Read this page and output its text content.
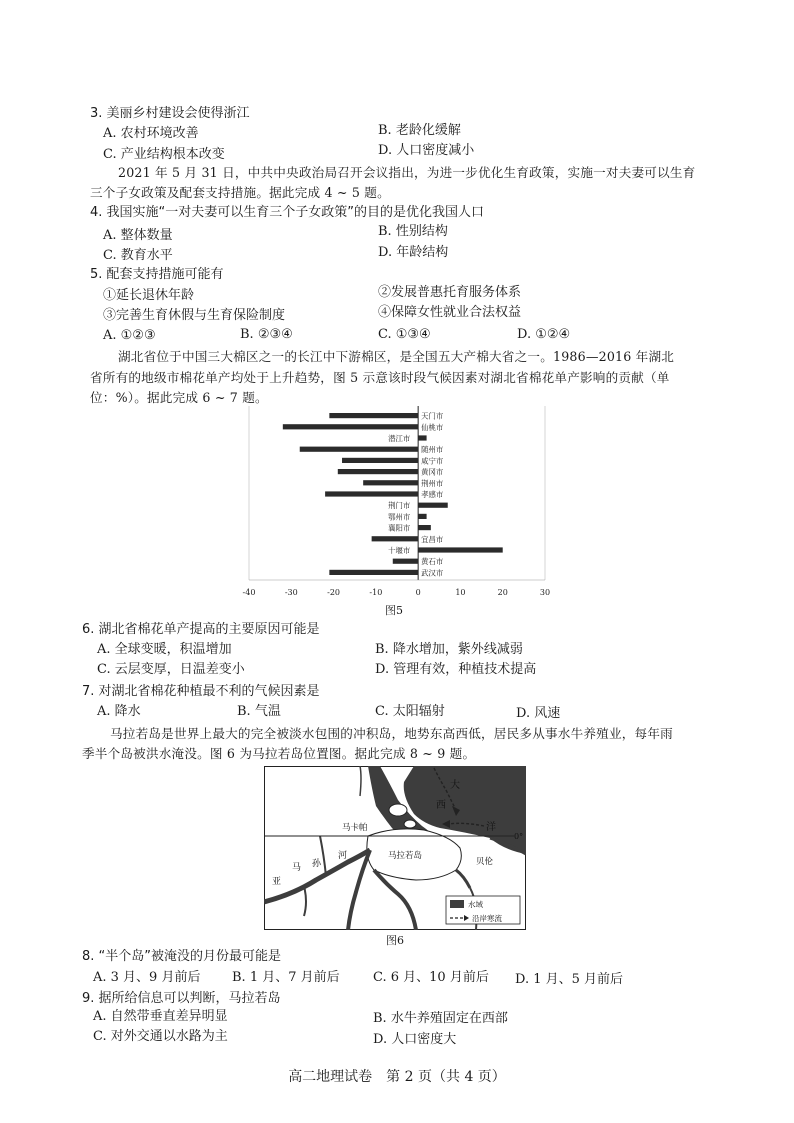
3. 美丽乡村建设会使得浙江
A. 农村环境改善	B. 老龄化缓解
C. 产业结构根本改变	D. 人口密度减小
2021 年 5 月 31 日，中共中央政治局召开会议指出，为进一步优化生育政策，实施一对夫妻可以生育
三个子女政策及配套支持措施。据此完成 4 ~ 5 题。
4. 我国实施“一对夫妻可以生育三个子女政策”的目的是优化我国人口
A. 整体数量	B. 性别结构
C. 教育水平	D. 年龄结构
5. 配套支持措施可能有
①延长退休年龄	②发展普惠托育服务体系
③完善生育休假与生育保险制度	④保障女性就业合法权益
A. ①②③	B. ②③④	C. ①③④	D. ①②④
湖北省位于中国三大棉区之一的长江中下游棉区，是全国五大产棉大省之一。1986—2016 年湖北
省所有的地级市棉花单产均处于上升趋势，图 5 示意该时段气候因素对湖北省棉花单产影响的贡献（单
位：%）。据此完成 6 ~ 7 题。
天门市
仙桃市
潜江市
随州市
咸宁市
黄冈市
荆州市
孝感市
荆门市
鄂州市
襄阳市
宜昌市
十堰市
黄石市
武汉市
-40	-30	-20	-10	0	10	20	30
图5
6. 湖北省棉花单产提高的主要原因可能是
A. 全球变暖，积温增加	B. 降水增加，紫外线减弱
C. 云层变厚，日温差变小	D. 管理有效，种植技术提高
7. 对湖北省棉花种植最不利的气候因素是
A. 降水	B. 气温	C. 太阳辐射	D. 风速
马拉若岛是世界上最大的完全被淡水包围的冲积岛，地势东高西低，居民多从事水牛养殖业，每年雨
季半个岛被洪水淹没。图 6 为马拉若岛位置图。据此完成 8 ~ 9 题。
大
西
洋
0°
马卡帕
马拉若岛
贝伦
亚
马 孙
河
水域
沿岸寒流
图6
8. “半个岛”被淹没的月份最可能是
A. 3 月、9 月前后 B. 1 月、7 月前后	C. 6 月、10 月前后 D. 1 月、5 月前后
9. 据所给信息可以判断，马拉若岛
A. 自然带垂直差异明显	B. 水牛养殖固定在西部
C. 对外交通以水路为主	D. 人口密度大
高二地理试卷　第 2 页（共 4 页）
